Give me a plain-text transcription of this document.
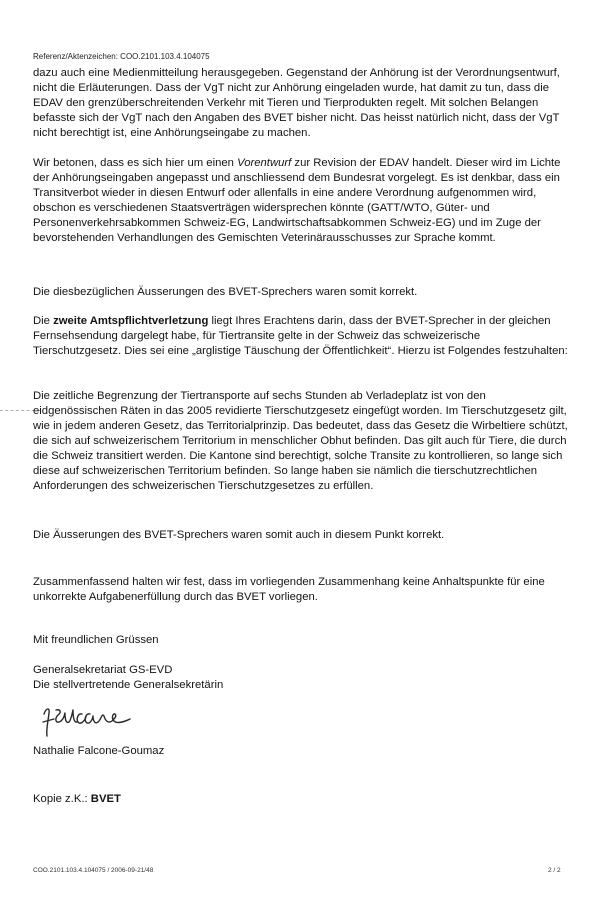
Referenz/Aktenzeichen: COO.2101.103.4.104075

dazu auch eine Medienmitteilung herausgegeben. Gegenstand der Anhörung ist der Verordnungsentwurf, nicht die Erläuterungen. Dass der VgT nicht zur Anhörung eingeladen wurde, hat damit zu tun, dass die EDAV den grenzüberschreitenden Verkehr mit Tieren und Tierprodukten regelt. Mit solchen Belangen befasste sich der VgT nach den Angaben des BVET bisher nicht. Das heisst natürlich nicht, dass der VgT nicht berechtigt ist, eine Anhörungseingabe zu machen.

Wir betonen, dass es sich hier um einen Vorentwurf zur Revision der EDAV handelt. Dieser wird im Lichte der Anhörungseingaben angepasst und anschliessend dem Bundesrat vorgelegt. Es ist denkbar, dass ein Transitverbot wieder in diesen Entwurf oder allenfalls in eine andere Verordnung aufgenommen wird, obschon es verschiedenen Staatsverträgen widersprechen könnte (GATT/WTO, Güter- und Personenverkehrsabkommen Schweiz-EG, Landwirtschaftsabkommen Schweiz-EG) und im Zuge der bevorstehenden Verhandlungen des Gemischten Veterinärausschusses zur Sprache kommt.

Die diesbezüglichen Äusserungen des BVET-Sprechers waren somit korrekt.

Die zweite Amtspflichtverletzung liegt Ihres Erachtens darin, dass der BVET-Sprecher in der gleichen Fernsehsendung dargelegt habe, für Tiertransite gelte in der Schweiz das schweizerische Tierschutzgesetz. Dies sei eine „arglistige Täuschung der Öffentlichkeit“. Hierzu ist Folgendes festzuhalten:

Die zeitliche Begrenzung der Tiertransporte auf sechs Stunden ab Verladeplatz ist von den eidgenössischen Räten in das 2005 revidierte Tierschutzgesetz eingefügt worden. Im Tierschutzgesetz gilt, wie in jedem anderen Gesetz, das Territorialprinzip. Das bedeutet, dass das Gesetz die Wirbeltiere schützt, die sich auf schweizerischem Territorium in menschlicher Obhut befinden. Das gilt auch für Tiere, die durch die Schweiz transitiert werden. Die Kantone sind berechtigt, solche Transite zu kontrollieren, so lange sich diese auf schweizerischen Territorium befinden. So lange haben sie nämlich die tierschutzrechtlichen Anforderungen des schweizerischen Tierschutzgesetzes zu erfüllen.

Die Äusserungen des BVET-Sprechers waren somit auch in diesem Punkt korrekt.

Zusammenfassend halten wir fest, dass im vorliegenden Zusammenhang keine Anhaltspunkte für eine unkorrekte Aufgabenerfüllung durch das BVET vorliegen.

Mit freundlichen Grüssen

Generalsekretariat GS-EVD

Die stellvertretende Generalsekretärin

Nathalie Falcone-Goumaz

Kopie z.K.: BVET

COO.2101.103.4.104075 / 2006-09-21/48	2 / 2
